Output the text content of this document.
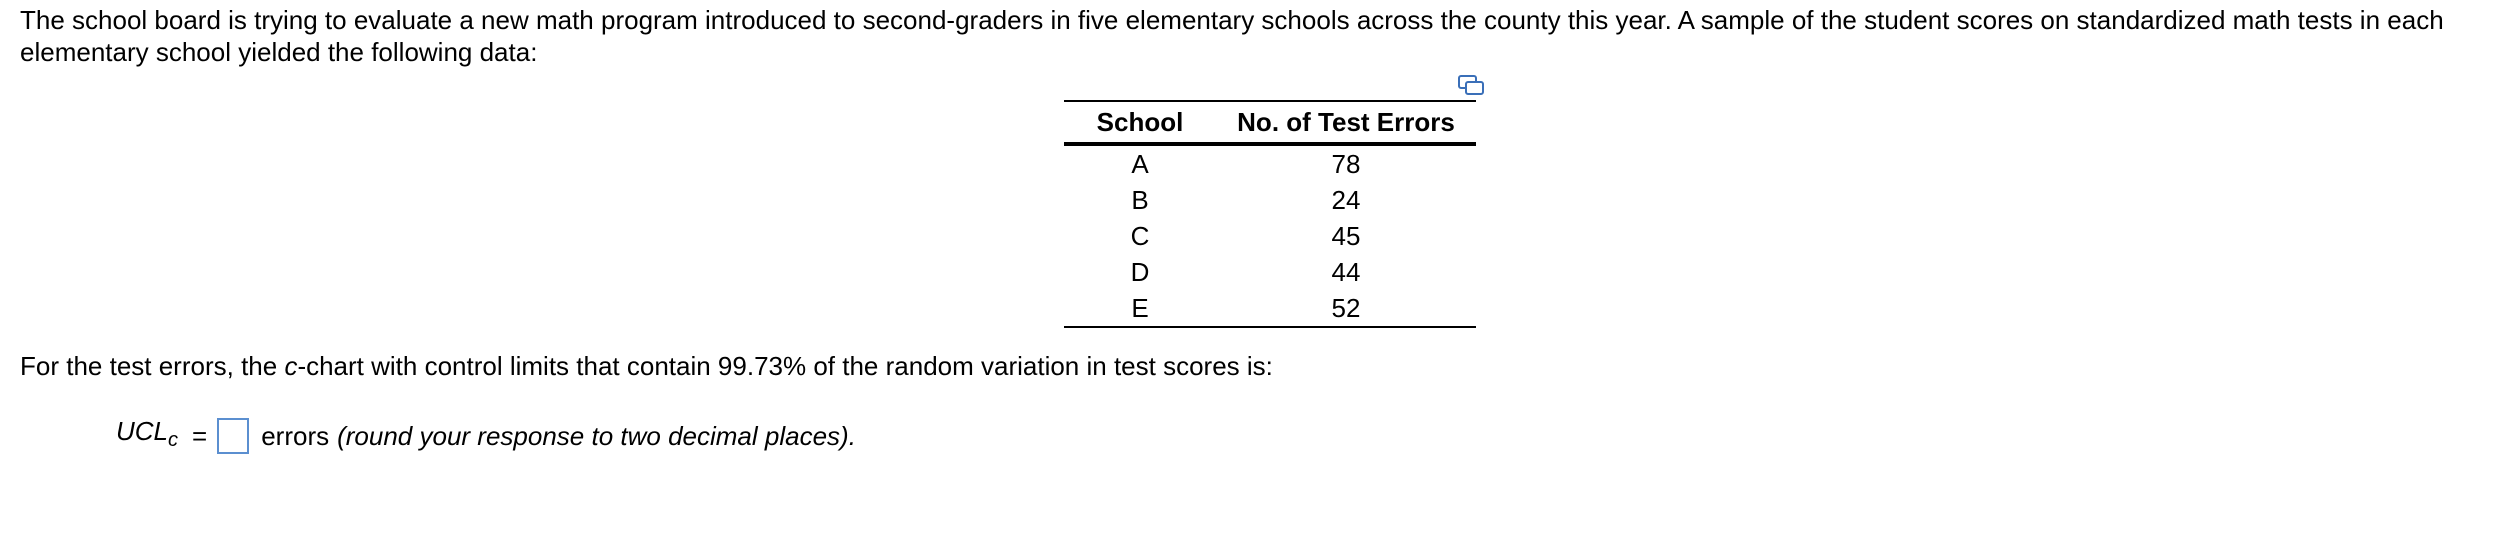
The school board is trying to evaluate a new math program introduced to second-graders in five elementary schools across the county this year. A sample of the student scores on standardized math tests in each elementary school yielded the following data:

School	No. of Test Errors
A	78
B	24
C	45
D	44
E	52

For the test errors, the c-chart with control limits that contain 99.73% of the random variation in test scores is:

$UCL_c$ = errors (round your response to two decimal places).
